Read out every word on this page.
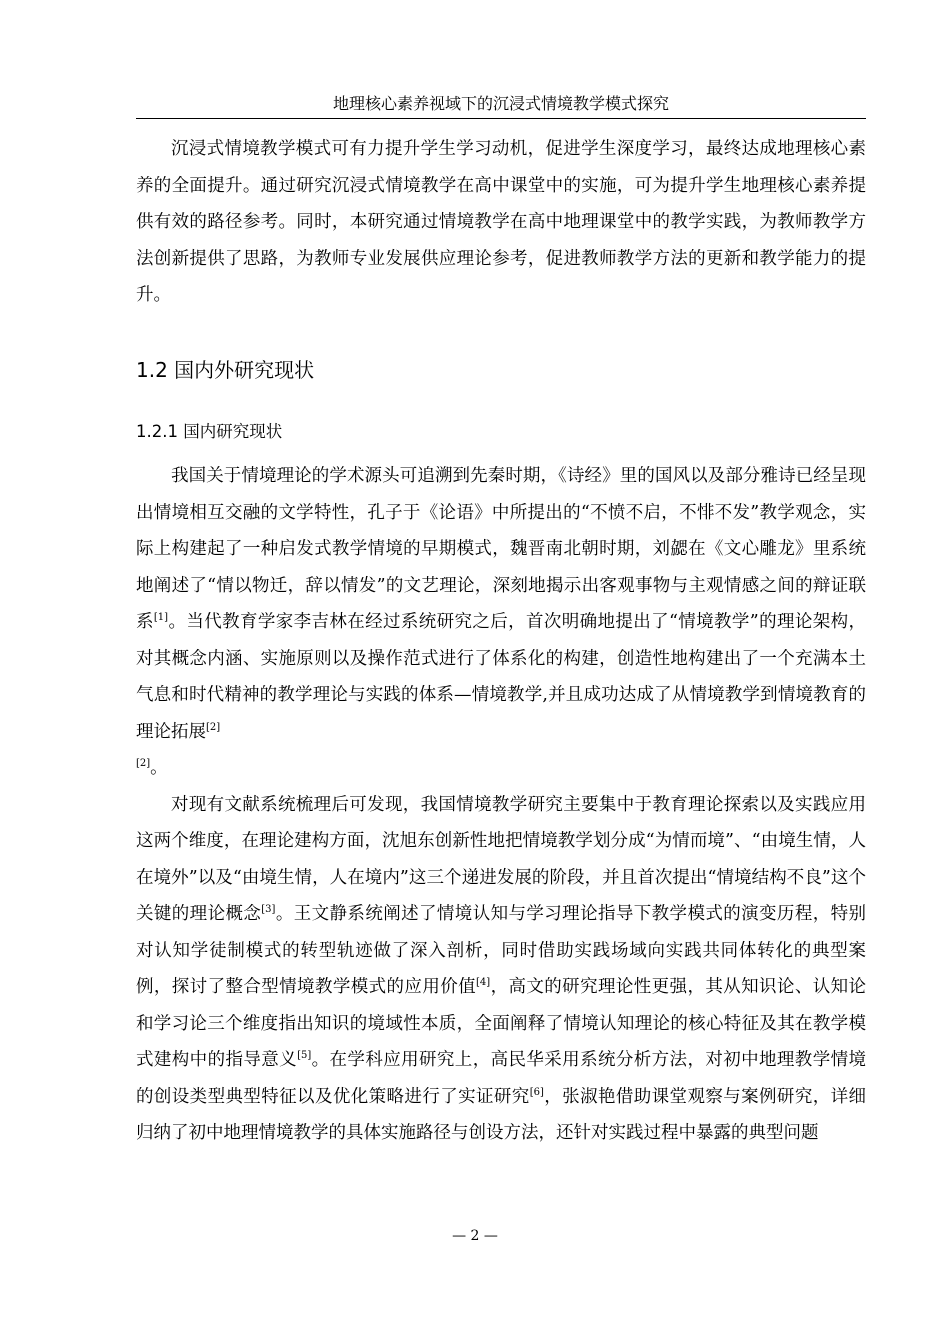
地理核心素养视域下的沉浸式情境教学模式探究

沉浸式情境教学模式可有力提升学生学习动机，促进学生深度学习，最终达成地理核心素养的全面提升。通过研究沉浸式情境教学在高中课堂中的实施，可为提升学生地理核心素养提供有效的路径参考。同时，本研究通过情境教学在高中地理课堂中的教学实践，为教师教学方法创新提供了思路，为教师专业发展供应理论参考，促进教师教学方法的更新和教学能力的提升。

1.2 国内外研究现状
1.2.1 国内研究现状

我国关于情境理论的学术源头可追溯到先秦时期，《诗经》里的国风以及部分雅诗已经呈现出情境相互交融的文学特性，孔子于《论语》中所提出的“不愤不启，不悱不发”教学观念，实际上构建起了一种启发式教学情境的早期模式，魏晋南北朝时期，刘勰在《文心雕龙》里系统地阐述了“情以物迁，辞以情发”的文艺理论，深刻地揭示出客观事物与主观情感之间的辩证联系[1]。当代教育学家李吉林在经过系统研究之后，首次明确地提出了“情境教学”的理论架构，对其概念内涵、实施原则以及操作范式进行了体系化的构建，创造性地构建出了一个充满本土气息和时代精神的教学理论与实践的体系—情境教学,并且成功达成了从情境教学到情境教育的理论拓展[2]
[2]。

对现有文献系统梳理后可发现，我国情境教学研究主要集中于教育理论探索以及实践应用这两个维度，在理论建构方面，沈旭东创新性地把情境教学划分成“为情而境”、“由境生情，人在境外”以及“由境生情，人在境内”这三个递进发展的阶段，并且首次提出“情境结构不良”这个关键的理论概念[3]。王文静系统阐述了情境认知与学习理论指导下教学模式的演变历程，特别对认知学徒制模式的转型轨迹做了深入剖析，同时借助实践场域向实践共同体转化的典型案例，探讨了整合型情境教学模式的应用价值[4]，高文的研究理论性更强，其从知识论、认知论和学习论三个维度指出知识的境域性本质，全面阐释了情境认知理论的核心特征及其在教学模式建构中的指导意义[5]。在学科应用研究上，高民华采用系统分析方法，对初中地理教学情境的创设类型典型特征以及优化策略进行了实证研究[6]，张淑艳借助课堂观察与案例研究，详细归纳了初中地理情境教学的具体实施路径与创设方法，还针对实践过程中暴露的典型问题

— 2 —
